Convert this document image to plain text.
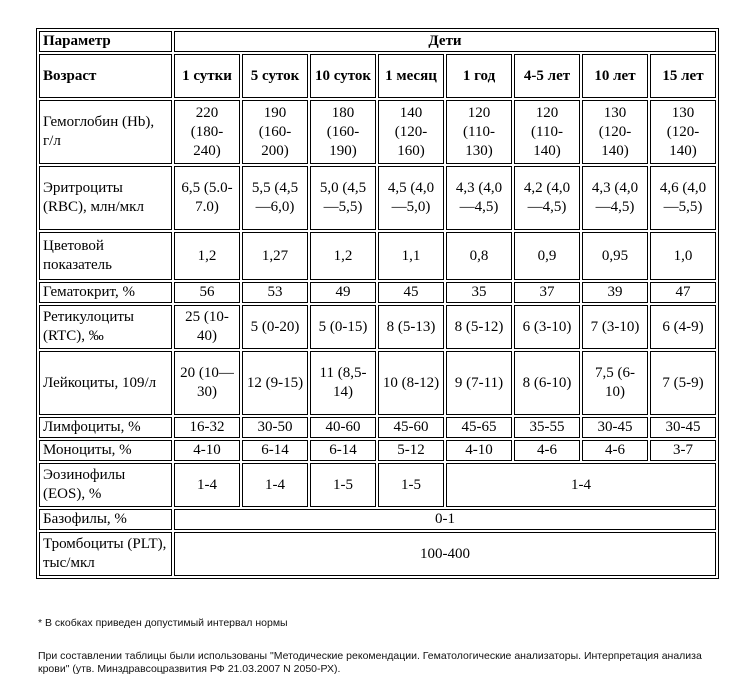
Параметр	Дети							
Возраст	1 сутки	5 суток	10 суток	1 месяц	1 год	4-5 лет	10 лет	15 лет
Гемоглобин (Hb), г/л	220 (180-240)	190 (160-200)	180 (160-190)	140 (120-160)	120 (110-130)	120 (110-140)	130 (120-140)	130 (120-140)
Эритроциты (RBC), млн/мкл	6,5 (5.0-7.0)	5,5 (4,5—6,0)	5,0 (4,5—5,5)	4,5 (4,0—5,0)	4,3 (4,0—4,5)	4,2 (4,0—4,5)	4,3 (4,0—4,5)	4,6 (4,0—5,5)
Цветовой показатель	1,2	1,27	1,2	1,1	0,8	0,9	0,95	1,0
Гематокрит, %	56	53	49	45	35	37	39	47
Ретикулоциты (RTC), ‰	25 (10-40)	5 (0-20)	5 (0-15)	8 (5-13)	8 (5-12)	6 (3-10)	7 (3-10)	6 (4-9)
Лейкоциты, 109/л	20 (10—30)	12 (9-15)	11 (8,5-14)	10 (8-12)	9 (7-11)	8 (6-10)	7,5 (6-10)	7 (5-9)
Лимфоциты, %	16-32	30-50	40-60	45-60	45-65	35-55	30-45	30-45
Моноциты, %	4-10	6-14	6-14	5-12	4-10	4-6	4-6	3-7
Эозинофилы (EOS), %	1-4	1-4	1-5	1-5	1-4			
Базофилы, %	0-1							
Тромбоциты (PLT), тыс/мкл	100-400							
* В скобках приведен допустимый интервал нормы
При составлении таблицы были использованы "Методические рекомендации. Гематологические анализаторы. Интерпретация анализа крови" (утв. Минздравсоцразвития РФ 21.03.2007 N 2050-РХ).
